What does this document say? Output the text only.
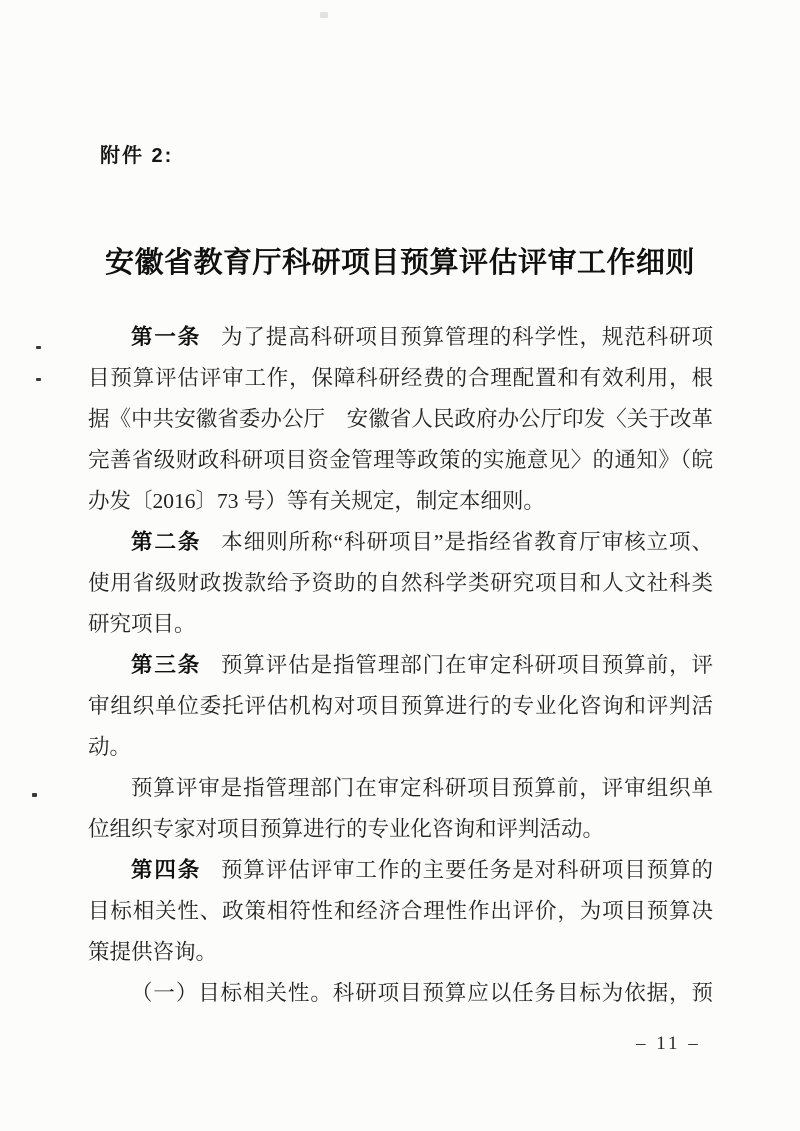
附件 2:
安徽省教育厅科研项目预算评估评审工作细则
第一条 为了提高科研项目预算管理的科学性，规范科研项
目预算评估评审工作，保障科研经费的合理配置和有效利用，根
据《中共安徽省委办公厅　安徽省人民政府办公厅印发〈关于改革
完善省级财政科研项目资金管理等政策的实施意见〉的通知》（皖
办发〔2016〕73 号）等有关规定，制定本细则。
第二条 本细则所称“科研项目”是指经省教育厅审核立项、
使用省级财政拨款给予资助的自然科学类研究项目和人文社科类
研究项目。
第三条 预算评估是指管理部门在审定科研项目预算前，评
审组织单位委托评估机构对项目预算进行的专业化咨询和评判活
动。
预算评审是指管理部门在审定科研项目预算前，评审组织单
位组织专家对项目预算进行的专业化咨询和评判活动。
第四条 预算评估评审工作的主要任务是对科研项目预算的
目标相关性、政策相符性和经济合理性作出评价，为项目预算决
策提供咨询。
（一）目标相关性。科研项目预算应以任务目标为依据，预
– 11 –
